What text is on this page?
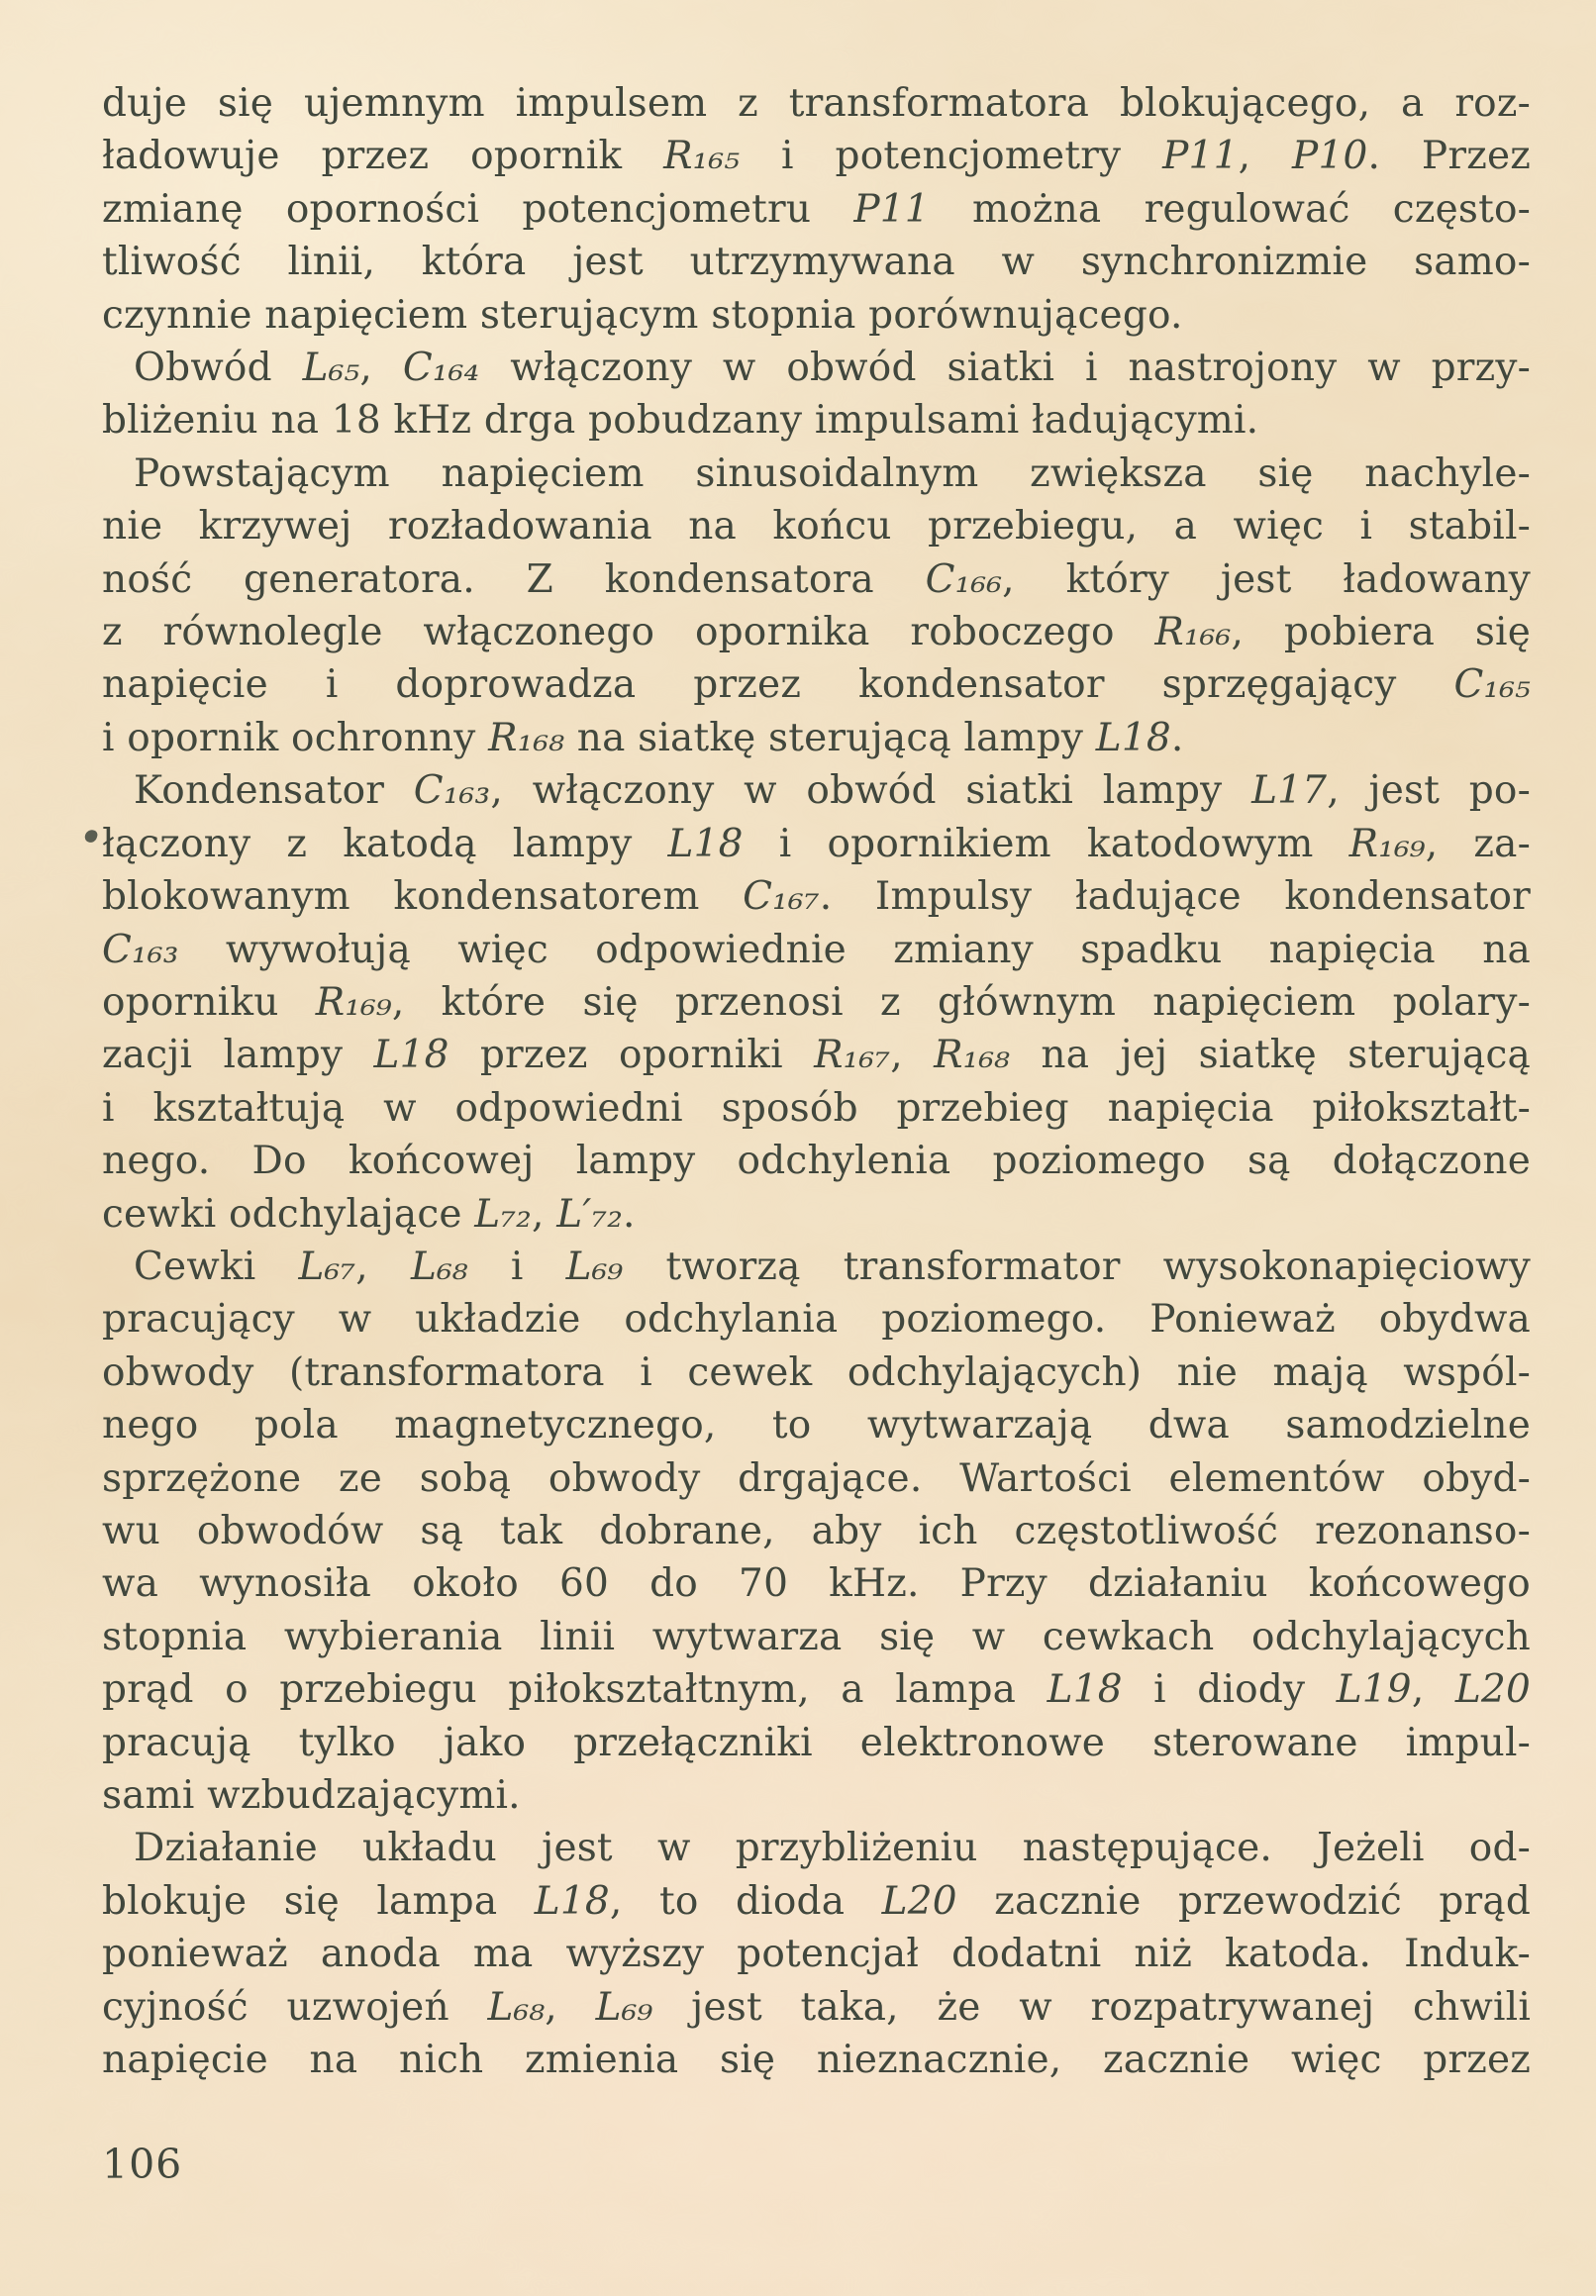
duje się ujemnym impulsem z transformatora blokującego, a roz-
ładowuje przez opornik R₁₆₅ i potencjometry P11, P10. Przez
zmianę oporności potencjometru P11 można regulować często-
tliwość linii, która jest utrzymywana w synchronizmie samo-
czynnie napięciem sterującym stopnia porównującego.

Obwód L₆₅, C₁₆₄ włączony w obwód siatki i nastrojony w przy-
bliżeniu na 18 kHz drga pobudzany impulsami ładującymi.

Powstającym napięciem sinusoidalnym zwiększa się nachyle-
nie krzywej rozładowania na końcu przebiegu, a więc i stabil-
ność generatora. Z kondensatora C₁₆₆, który jest ładowany
z równolegle włączonego opornika roboczego R₁₆₆, pobiera się
napięcie i doprowadza przez kondensator sprzęgający C₁₆₅
i opornik ochronny R₁₆₈ na siatkę sterującą lampy L18.

Kondensator C₁₆₃, włączony w obwód siatki lampy L17, jest po-
łączony z katodą lampy L18 i opornikiem katodowym R₁₆₉, za-
blokowanym kondensatorem C₁₆₇. Impulsy ładujące kondensator
C₁₆₃ wywołują więc odpowiednie zmiany spadku napięcia na
oporniku R₁₆₉, które się przenosi z głównym napięciem polary-
zacji lampy L18 przez oporniki R₁₆₇, R₁₆₈ na jej siatkę sterującą
i kształtują w odpowiedni sposób przebieg napięcia piłokształt-
nego. Do końcowej lampy odchylenia poziomego są dołączone
cewki odchylające L₇₂, L′₇₂.

Cewki L₆₇, L₆₈ i L₆₉ tworzą transformator wysokonapięciowy
pracujący w układzie odchylania poziomego. Ponieważ obydwa
obwody (transformatora i cewek odchylających) nie mają wspól-
nego pola magnetycznego, to wytwarzają dwa samodzielne
sprzężone ze sobą obwody drgające. Wartości elementów obyd-
wu obwodów są tak dobrane, aby ich częstotliwość rezonanso-
wa wynosiła około 60 do 70 kHz. Przy działaniu końcowego
stopnia wybierania linii wytwarza się w cewkach odchylających
prąd o przebiegu piłokształtnym, a lampa L18 i diody L19, L20
pracują tylko jako przełączniki elektronowe sterowane impul-
sami wzbudzającymi.

Działanie układu jest w przybliżeniu następujące. Jeżeli od-
blokuje się lampa L18, to dioda L20 zacznie przewodzić prąd
ponieważ anoda ma wyższy potencjał dodatni niż katoda. Induk-
cyjność uzwojeń L₆₈, L₆₉ jest taka, że w rozpatrywanej chwili
napięcie na nich zmienia się nieznacznie, zacznie więc przez

106
